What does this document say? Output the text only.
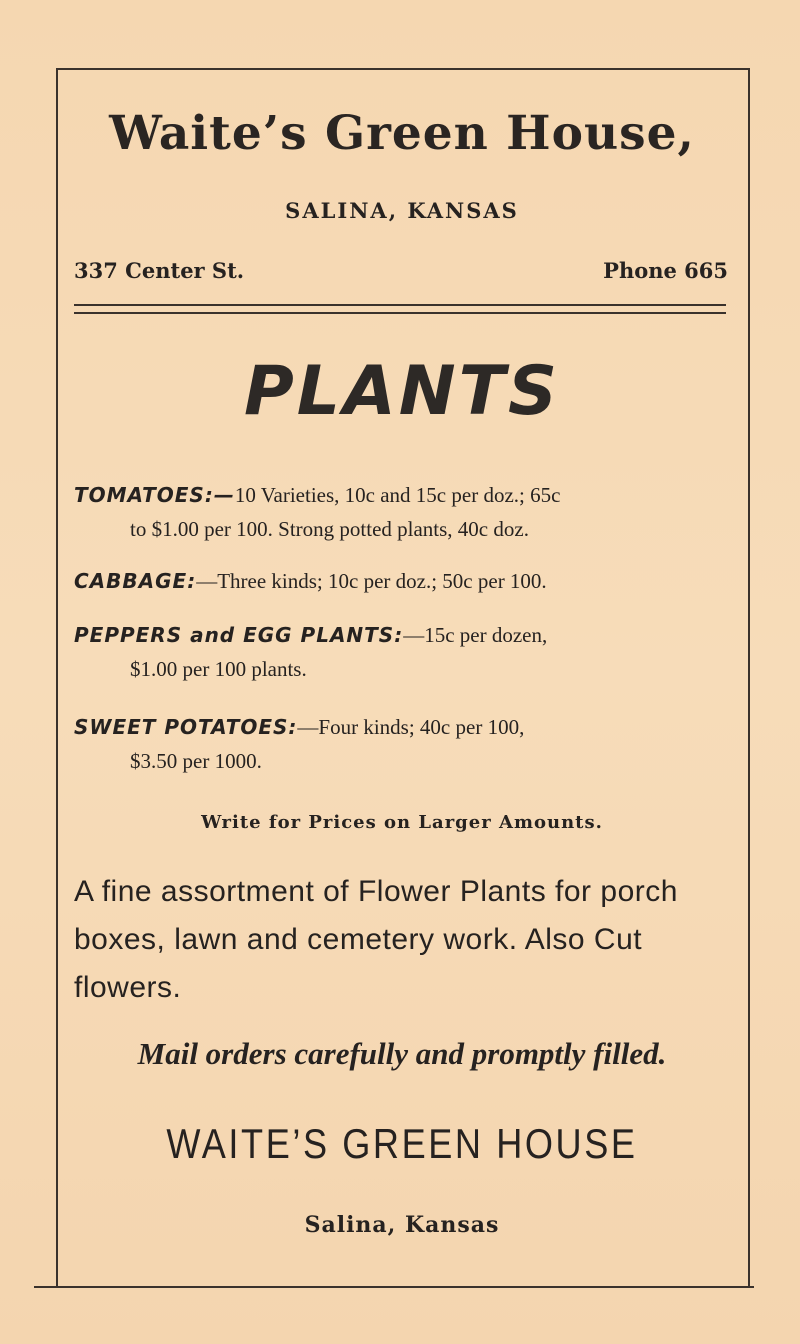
Waite’s Green House,
SALINA, KANSAS
337 Center St.	Phone 665
PLANTS

TOMATOES:—10 Varieties, 10c and 15c per doz.; 65c
to $1.00 per 100. Strong potted plants, 40c doz.

CABBAGE:—Three kinds; 10c per doz.; 50c per 100.

PEPPERS and EGG PLANTS:—15c per dozen,
$1.00 per 100 plants.

SWEET POTATOES:—Four kinds; 40c per 100,
$3.50 per 1000.

Write for Prices on Larger Amounts.

A fine assortment of Flower Plants for porch boxes, lawn and cemetery work. Also Cut flowers.

Mail orders carefully and promptly filled.
WAITE’S GREEN HOUSE
Salina, Kansas
